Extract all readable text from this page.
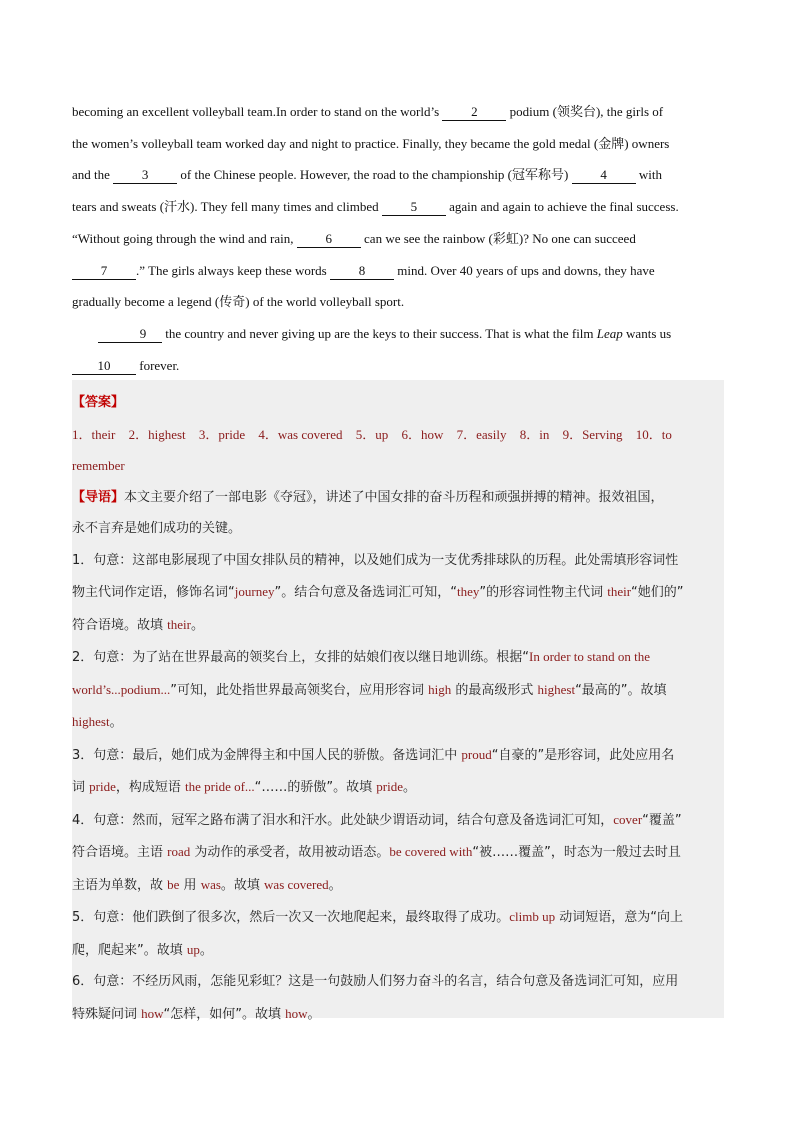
becoming an excellent volleyball team.In order to stand on the world’s 2 podium (领奖台), the girls of

the women’s volleyball team worked day and night to practice. Finally, they became the gold medal (金牌) owners

and the 3 of the Chinese people. However, the road to the championship (冠军称号) 4 with

tears and sweats (汗水). They fell many times and climbed 5 again and again to achieve the final success.

“Without going through the wind and rain, 6 can we see the rainbow (彩虹)? No one can succeed

7 .” The girls always keep these words 8 mind. Over 40 years of ups and downs, they have

gradually become a legend (传奇) of the world volleyball sport.

9 the country and never giving up are the keys to their success. That is what the film Leap wants us

10 forever.

【答案】

1．their 2．highest 3．pride 4．was covered 5．up 6．how 7．easily 8．in 9．Serving 10．to

remember

【导语】本文主要介绍了一部电影《夺冠》，讲述了中国女排的奋斗历程和顽强拼搏的精神。报效祖国，

永不言弃是她们成功的关键。

1．句意：这部电影展现了中国女排队员的精神，以及她们成为一支优秀排球队的历程。此处需填形容词性

物主代词作定语，修饰名词“journey”。结合句意及备选词汇可知，“they”的形容词性物主代词 their“她们的”

符合语境。故填 their。

2．句意：为了站在世界最高的领奖台上，女排的姑娘们夜以继日地训练。根据“In order to stand on the

world’s...podium...”可知，此处指世界最高领奖台，应用形容词 high 的最高级形式 highest“最高的”。故填

highest。

3．句意：最后，她们成为金牌得主和中国人民的骄傲。备选词汇中 proud“自豪的”是形容词，此处应用名

词 pride，构成短语 the pride of...“……的骄傲”。故填 pride。

4．句意：然而，冠军之路布满了泪水和汗水。此处缺少谓语动词，结合句意及备选词汇可知，cover“覆盖”

符合语境。主语 road 为动作的承受者，故用被动语态。be covered with“被……覆盖”，时态为一般过去时且

主语为单数，故 be 用 was。故填 was covered。

5．句意：他们跌倒了很多次，然后一次又一次地爬起来，最终取得了成功。climb up 动词短语，意为“向上

爬，爬起来”。故填 up。

6．句意：不经历风雨，怎能见彩虹？这是一句鼓励人们努力奋斗的名言，结合句意及备选词汇可知，应用

特殊疑问词 how“怎样，如何”。故填 how。
